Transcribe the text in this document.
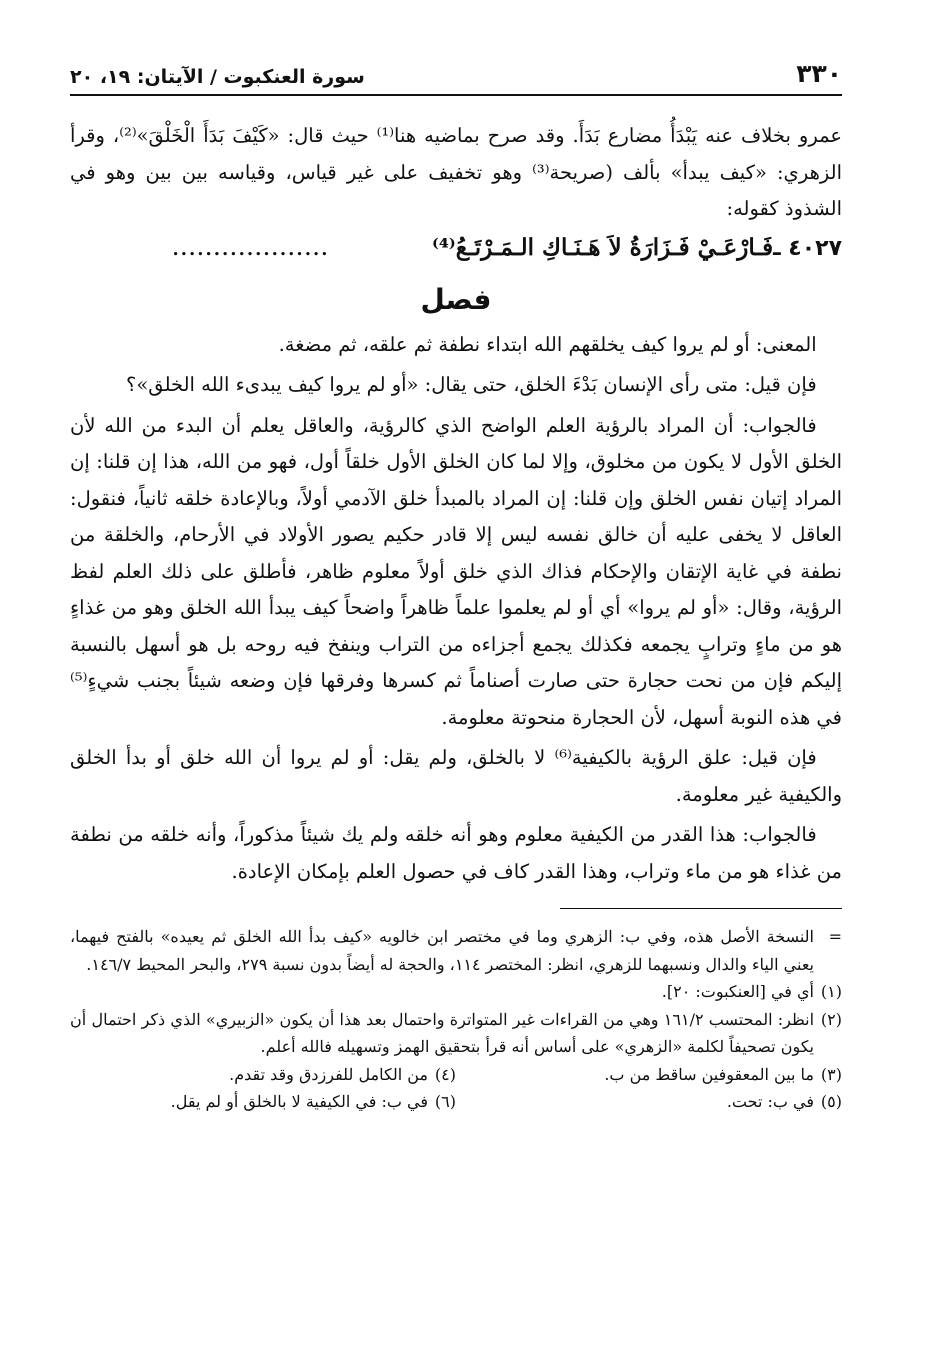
٣٣٠
سورة العنكبوت / الآيتان: ١٩، ٢٠

عمرو بخلاف عنه يَبْدَأُ مضارع بَدَأَ. وقد صرح بماضيه هنا⁽¹⁾ حيث قال: «كَيْفَ بَدَأَ الْخَلْقَ»⁽²⁾، وقرأ الزهري: «كيف يبدأ» بألف (صريحة⁽³⁾ وهو تخفيف على غير قياس، وقياسه بين بين وهو في الشذوذ كقوله:

٤٠٢٧ ـ
فَـارْعَـيْ فَـزَارَةُ لاَ هَـنَـاكِ الـمَـرْتَـعُ⁽⁴⁾
...................
فصل

المعنى: أو لم يروا كيف يخلقهم الله ابتداء نطفة ثم علقه، ثم مضغة.

فإن قيل: متى رأى الإنسان بَدْءَ الخلق، حتى يقال: «أو لم يروا كيف يبدىء الله الخلق»؟

فالجواب: أن المراد بالرؤية العلم الواضح الذي كالرؤية، والعاقل يعلم أن البدء من الله لأن الخلق الأول لا يكون من مخلوق، وإلا لما كان الخلق الأول خلقاً أول، فهو من الله، هذا إن قلنا: إن المراد إتيان نفس الخلق وإن قلنا: إن المراد بالمبدأ خلق الآدمي أولاً، وبالإعادة خلقه ثانياً، فنقول: العاقل لا يخفى عليه أن خالق نفسه ليس إلا قادر حكيم يصور الأولاد في الأرحام، والخلقة من نطفة في غاية الإتقان والإحكام فذاك الذي خلق أولاً معلوم ظاهر، فأطلق على ذلك العلم لفظ الرؤية، وقال: «أو لم يروا» أي أو لم يعلموا علماً ظاهراً واضحاً كيف يبدأ الله الخلق وهو من غذاءٍ هو من ماءٍ وترابٍ يجمعه فكذلك يجمع أجزاءه من التراب وينفخ فيه روحه بل هو أسهل بالنسبة إليكم فإن من نحت حجارة حتى صارت أصناماً ثم كسرها وفرقها فإن وضعه شيئاً بجنب شيءٍ⁽⁵⁾ في هذه النوبة أسهل، لأن الحجارة منحوتة معلومة.

فإن قيل: علق الرؤية بالكيفية⁽⁶⁾ لا بالخلق، ولم يقل: أو لم يروا أن الله خلق أو بدأ الخلق والكيفية غير معلومة.

فالجواب: هذا القدر من الكيفية معلوم وهو أنه خلقه ولم يك شيئاً مذكوراً، وأنه خلقه من نطفة من غذاء هو من ماء وتراب، وهذا القدر كاف في حصول العلم بإمكان الإعادة.

=
النسخة الأصل هذه، وفي ب: الزهري وما في مختصر ابن خالويه «كيف بدأ الله الخلق ثم يعيده» بالفتح فيهما، يعني الياء والدال ونسبهما للزهري، انظر: المختصر ١١٤، والحجة له أيضاً بدون نسبة ٢٧٩، والبحر المحيط ١٤٦/٧.
(١)
أي في [العنكبوت: ٢٠].
(٢)
انظر: المحتسب ١٦١/٢ وهي من القراءات غير المتواترة واحتمال بعد هذا أن يكون «الزبيري» الذي ذكر احتمال أن يكون تصحيفاً لكلمة «الزهري» على أساس أنه قرأ بتحقيق الهمز وتسهيله فالله أعلم.
(٣)
ما بين المعقوفين ساقط من ب.
(٤)
من الكامل للفرزدق وقد تقدم.
(٥)
في ب: تحت.
(٦)
في ب: في الكيفية لا بالخلق أو لم يقل.
